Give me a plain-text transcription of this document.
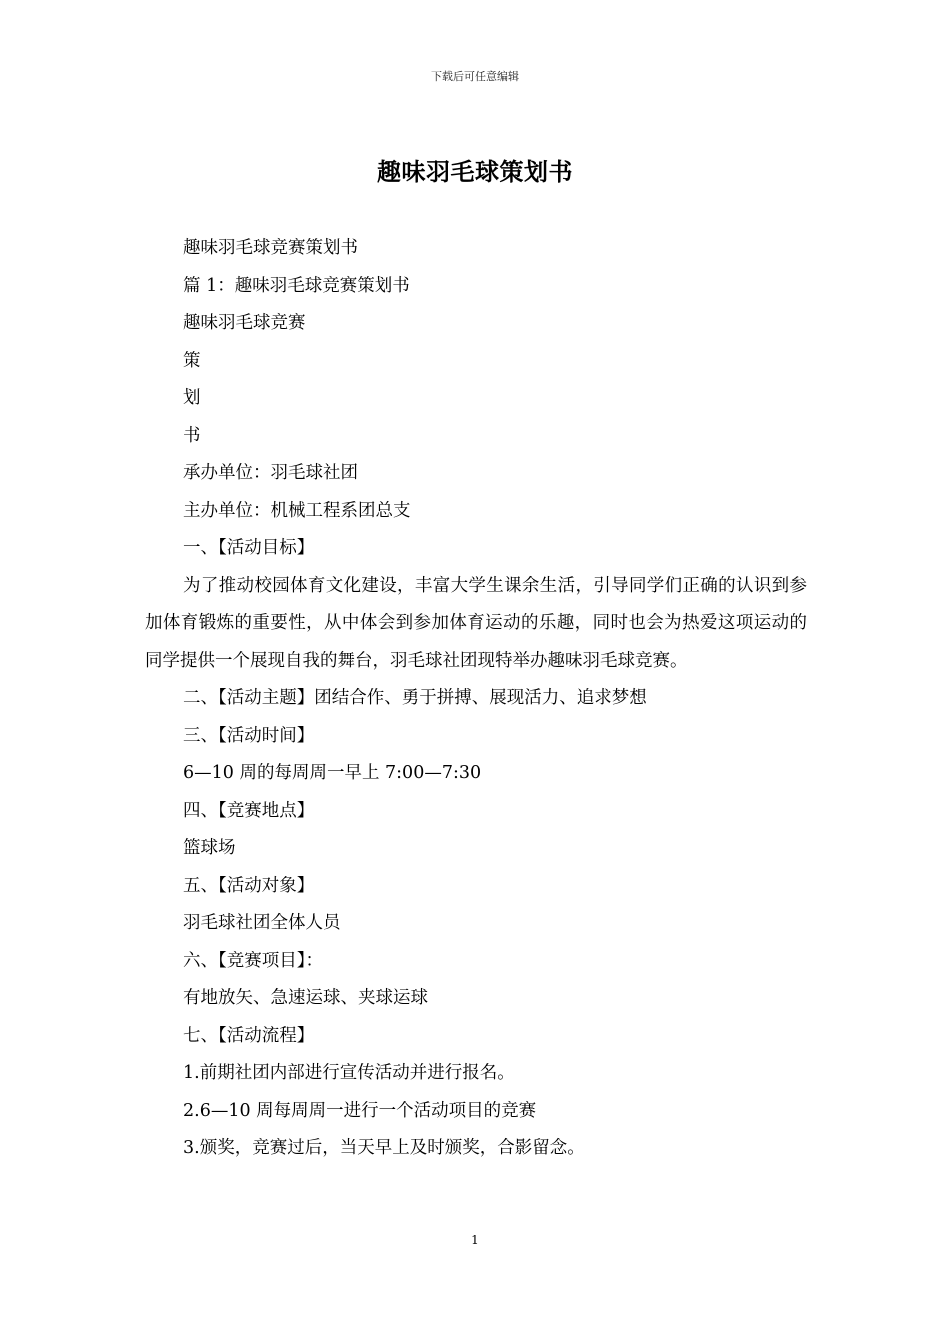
下载后可任意编辑
趣味羽毛球策划书
趣味羽毛球竞赛策划书
篇 1：趣味羽毛球竞赛策划书
趣味羽毛球竞赛
策
划
书
承办单位：羽毛球社团
主办单位：机械工程系团总支
一、【活动目标】

为了推动校园体育文化建设，丰富大学生课余生活，引导同学们正确的认识到参加体育锻炼的重要性，从中体会到参加体育运动的乐趣，同时也会为热爱这项运动的同学提供一个展现自我的舞台，羽毛球社团现特举办趣味羽毛球竞赛。

二、【活动主题】团结合作、勇于拼搏、展现活力、追求梦想
三、【活动时间】
6—10 周的每周周一早上 7:00—7:30
四、【竞赛地点】
篮球场
五、【活动对象】
羽毛球社团全体人员
六、【竞赛项目】：
有地放矢、急速运球、夹球运球
七、【活动流程】
1.前期社团内部进行宣传活动并进行报名。
2.6—10 周每周周一进行一个活动项目的竞赛
3.颁奖，竞赛过后，当天早上及时颁奖，合影留念。
1
